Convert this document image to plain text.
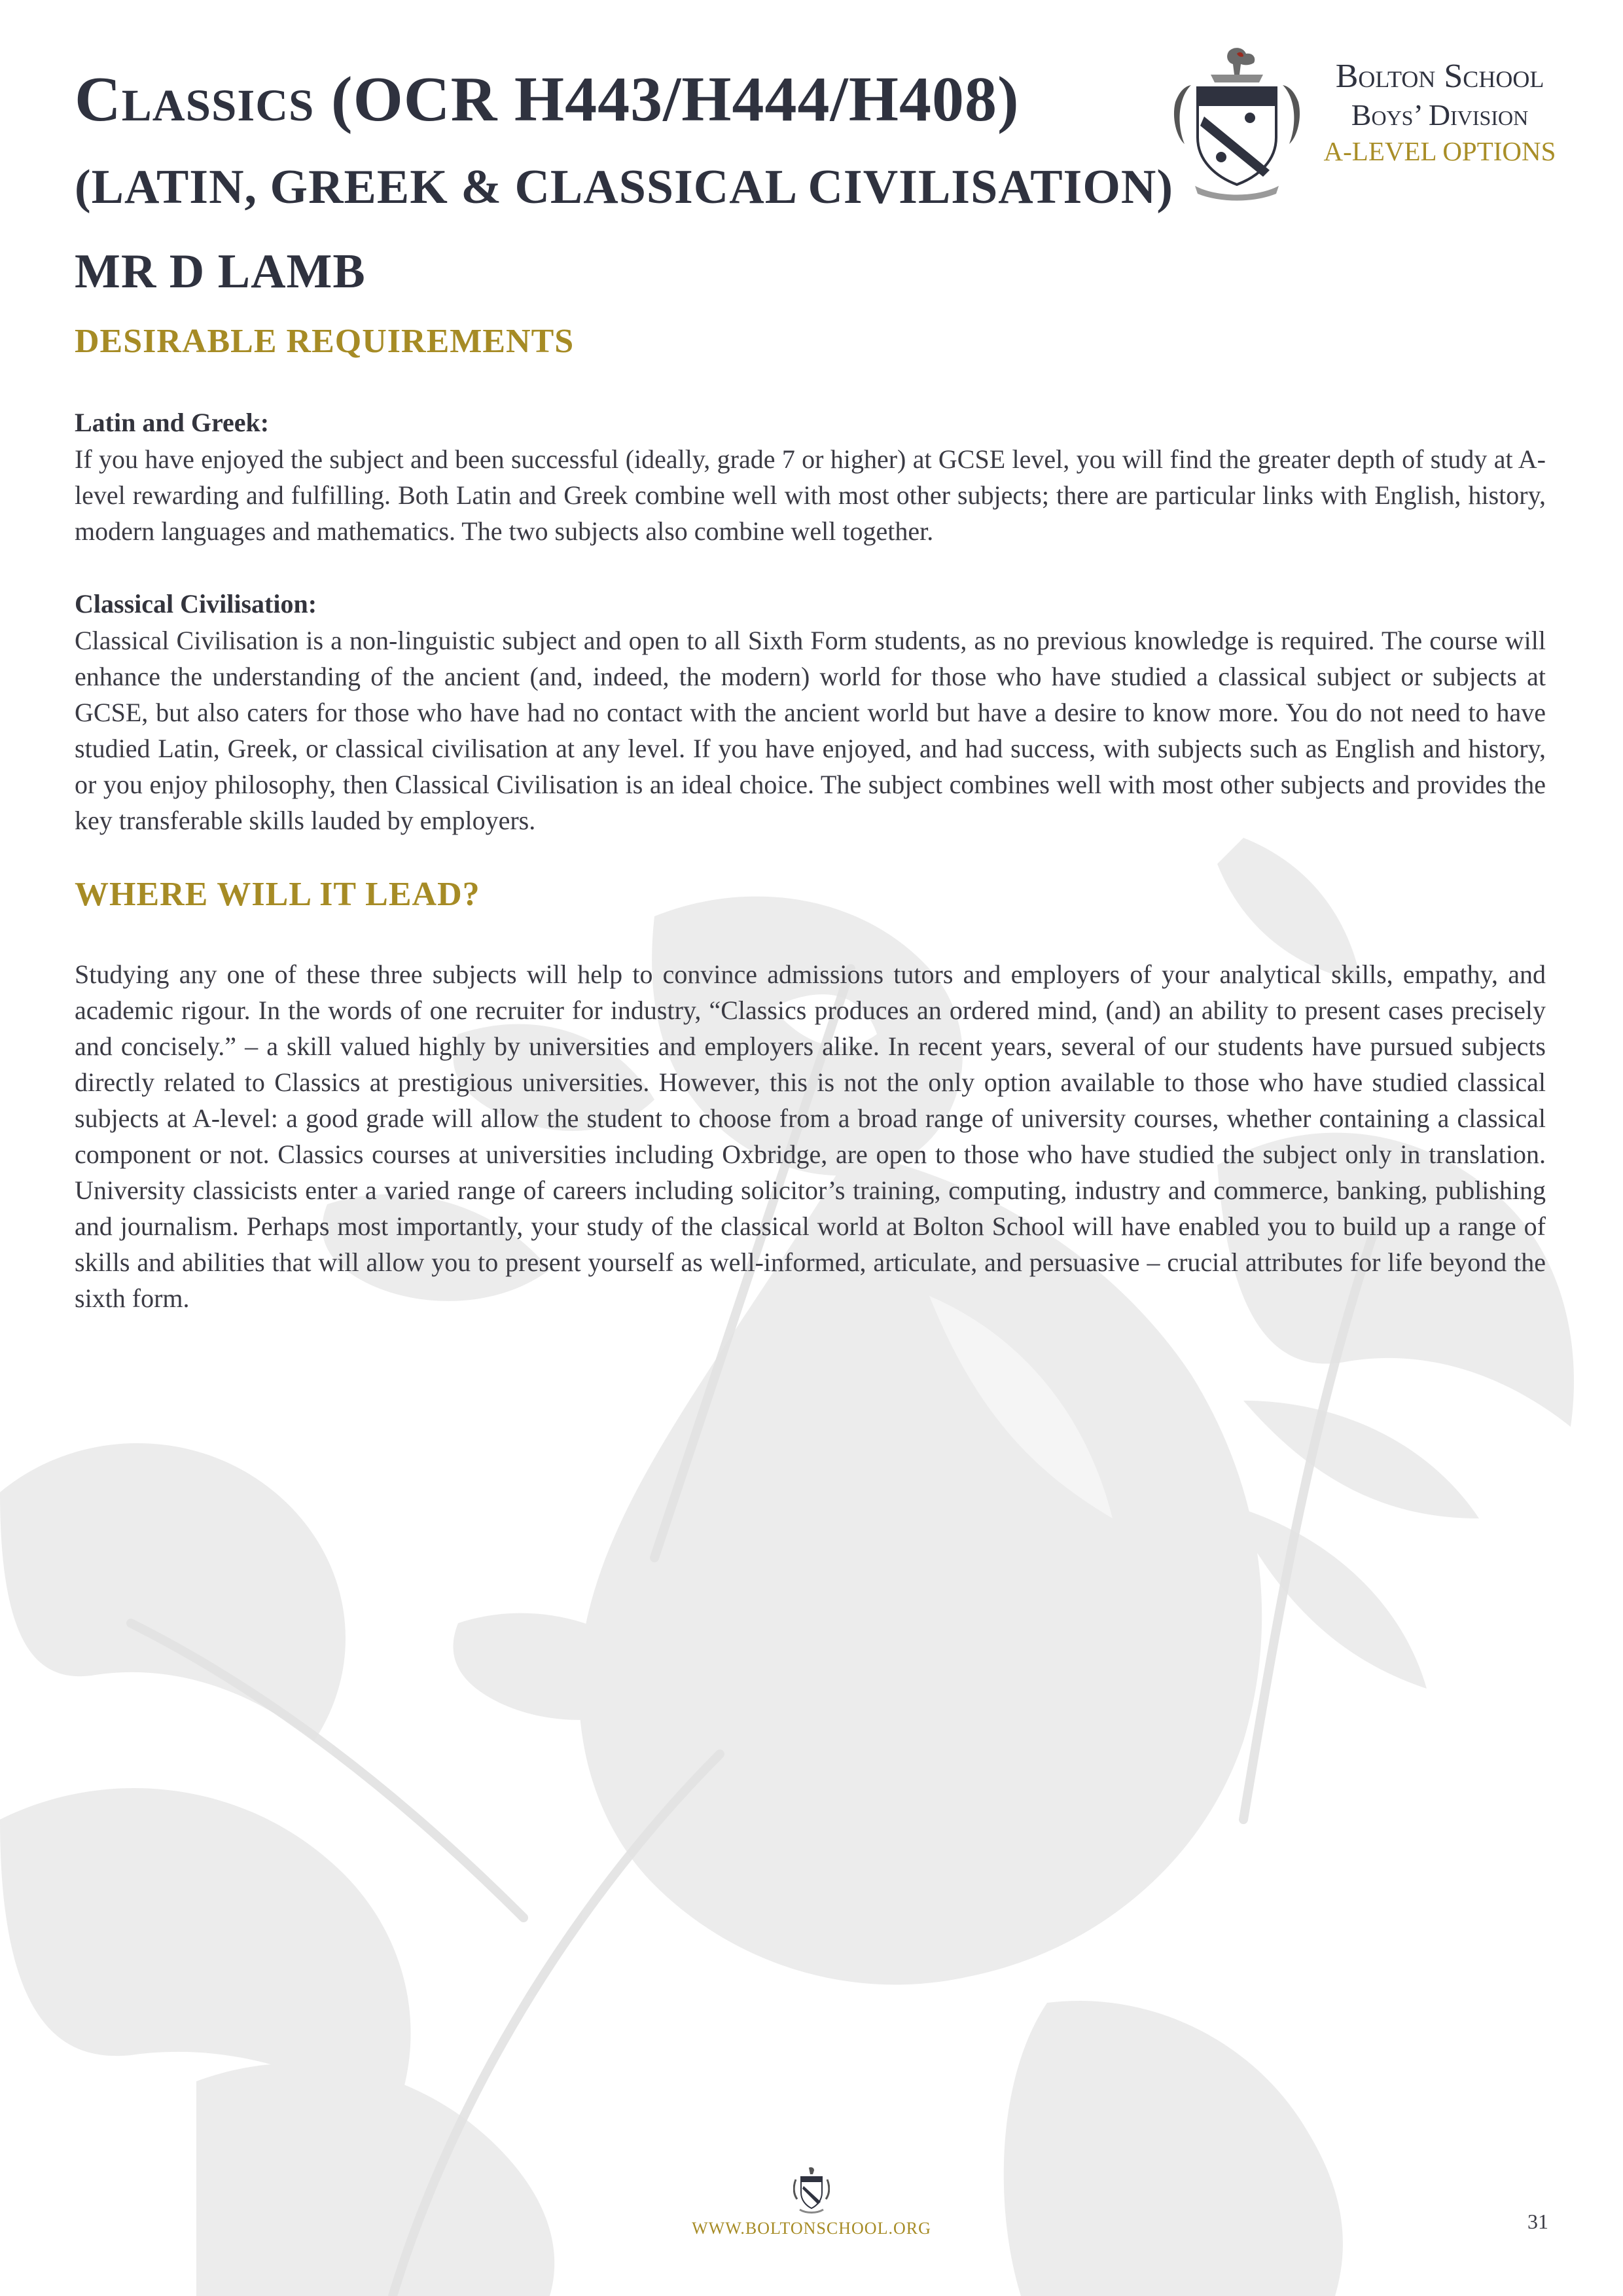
Classics (OCR H443/H444/H408)
(LATIN, GREEK & CLASSICAL CIVILISATION)
MR D LAMB
Bolton School
Boys’ Division
A-LEVEL OPTIONS
DESIRABLE REQUIREMENTS
Latin and Greek:

If you have enjoyed the subject and been successful (ideally, grade 7 or higher) at GCSE level, you will find the greater depth of study at A-level rewarding and fulfilling. Both Latin and Greek combine well with most other subjects; there are particular links with English, history, modern languages and mathematics. The two subjects also combine well together.

Classical Civilisation:

Classical Civilisation is a non-linguistic subject and open to all Sixth Form students, as no previous knowledge is required. The course will enhance the understanding of the ancient (and, indeed, the modern) world for those who have studied a classical subject or subjects at GCSE, but also caters for those who have had no contact with the ancient world but have a desire to know more. You do not need to have studied Latin, Greek, or classical civilisation at any level. If you have enjoyed, and had success, with subjects such as English and history, or you enjoy philosophy, then Classical Civilisation is an ideal choice. The subject combines well with most other subjects and provides the key transferable skills lauded by employers.

WHERE WILL IT LEAD?

Studying any one of these three subjects will help to convince admissions tutors and employers of your analytical skills, empathy, and academic rigour. In the words of one recruiter for industry, “Classics produces an ordered mind, (and) an ability to present cases precisely and concisely.” – a skill valued highly by universities and employers alike. In recent years, several of our students have pursued subjects directly related to Classics at prestigious universities. However, this is not the only option available to those who have studied classical subjects at A-level: a good grade will allow the student to choose from a broad range of university courses, whether containing a classical component or not. Classics courses at universities including Oxbridge, are open to those who have studied the subject only in translation. University classicists enter a varied range of careers including solicitor’s training, computing, industry and commerce, banking, publishing and journalism. Perhaps most importantly, your study of the classical world at Bolton School will have enabled you to build up a range of skills and abilities that will allow you to present yourself as well-informed, articulate, and persuasive – crucial attributes for life beyond the sixth form.

WWW.BOLTONSCHOOL.ORG	31
